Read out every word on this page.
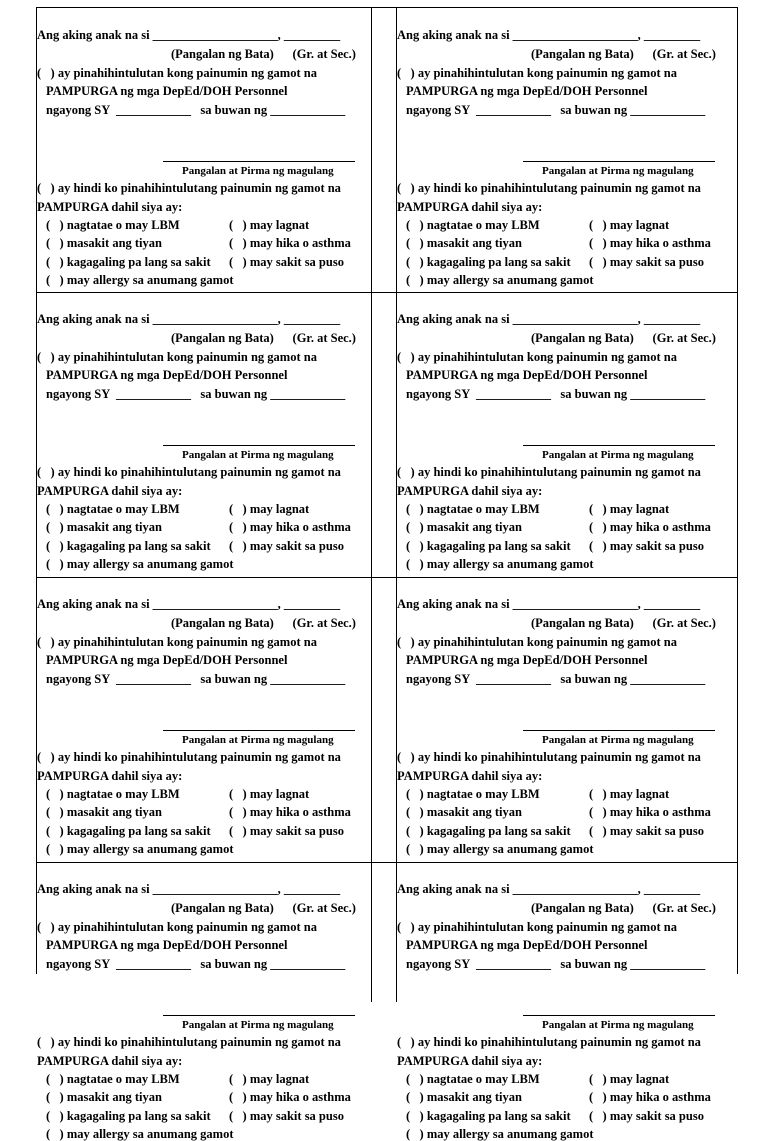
Ang aking anak na si ____________________, _________
(Pangalan ng Bata)      (Gr. at Sec.)
(   ) ay pinahihintulutan kong painumin ng gamot na
PAMPURGA ng mga DepEd/DOH Personnel
ngayong SY  ____________   sa buwan ng ____________
Pangalan at Pirma ng magulang
(   ) ay hindi ko pinahihintulutang painumin ng gamot na
PAMPURGA dahil siya ay:
(   ) nagtatae o may LBM	(   ) may lagnat
(   ) masakit ang tiyan	(   ) may hika o asthma
(   ) kagagaling pa lang sa sakit (   ) may sakit sa puso
(   ) may allergy sa anumang gamot
Ang aking anak na si ____________________, _________
(Pangalan ng Bata)      (Gr. at Sec.)
(   ) ay pinahihintulutan kong painumin ng gamot na
PAMPURGA ng mga DepEd/DOH Personnel
ngayong SY  ____________   sa buwan ng ____________
Pangalan at Pirma ng magulang
(   ) ay hindi ko pinahihintulutang painumin ng gamot na
PAMPURGA dahil siya ay:
(   ) nagtatae o may LBM	(   ) may lagnat
(   ) masakit ang tiyan	(   ) may hika o asthma
(   ) kagagaling pa lang sa sakit (   ) may sakit sa puso
(   ) may allergy sa anumang gamot
Ang aking anak na si ____________________, _________
(Pangalan ng Bata)      (Gr. at Sec.)
(   ) ay pinahihintulutan kong painumin ng gamot na
PAMPURGA ng mga DepEd/DOH Personnel
ngayong SY  ____________   sa buwan ng ____________
Pangalan at Pirma ng magulang
(   ) ay hindi ko pinahihintulutang painumin ng gamot na
PAMPURGA dahil siya ay:
(   ) nagtatae o may LBM	(   ) may lagnat
(   ) masakit ang tiyan	(   ) may hika o asthma
(   ) kagagaling pa lang sa sakit (   ) may sakit sa puso
(   ) may allergy sa anumang gamot
Ang aking anak na si ____________________, _________
(Pangalan ng Bata)      (Gr. at Sec.)
(   ) ay pinahihintulutan kong painumin ng gamot na
PAMPURGA ng mga DepEd/DOH Personnel
ngayong SY  ____________   sa buwan ng ____________
Pangalan at Pirma ng magulang
(   ) ay hindi ko pinahihintulutang painumin ng gamot na
PAMPURGA dahil siya ay:
(   ) nagtatae o may LBM	(   ) may lagnat
(   ) masakit ang tiyan	(   ) may hika o asthma
(   ) kagagaling pa lang sa sakit (   ) may sakit sa puso
(   ) may allergy sa anumang gamot
Ang aking anak na si ____________________, _________
(Pangalan ng Bata)      (Gr. at Sec.)
(   ) ay pinahihintulutan kong painumin ng gamot na
PAMPURGA ng mga DepEd/DOH Personnel
ngayong SY  ____________   sa buwan ng ____________
Pangalan at Pirma ng magulang
(   ) ay hindi ko pinahihintulutang painumin ng gamot na
PAMPURGA dahil siya ay:
(   ) nagtatae o may LBM	(   ) may lagnat
(   ) masakit ang tiyan	(   ) may hika o asthma
(   ) kagagaling pa lang sa sakit (   ) may sakit sa puso
(   ) may allergy sa anumang gamot
Ang aking anak na si ____________________, _________
(Pangalan ng Bata)      (Gr. at Sec.)
(   ) ay pinahihintulutan kong painumin ng gamot na
PAMPURGA ng mga DepEd/DOH Personnel
ngayong SY  ____________   sa buwan ng ____________
Pangalan at Pirma ng magulang
(   ) ay hindi ko pinahihintulutang painumin ng gamot na
PAMPURGA dahil siya ay:
(   ) nagtatae o may LBM	(   ) may lagnat
(   ) masakit ang tiyan	(   ) may hika o asthma
(   ) kagagaling pa lang sa sakit (   ) may sakit sa puso
(   ) may allergy sa anumang gamot
Ang aking anak na si ____________________, _________
(Pangalan ng Bata)      (Gr. at Sec.)
(   ) ay pinahihintulutan kong painumin ng gamot na
PAMPURGA ng mga DepEd/DOH Personnel
ngayong SY  ____________   sa buwan ng ____________
Pangalan at Pirma ng magulang
(   ) ay hindi ko pinahihintulutang painumin ng gamot na
PAMPURGA dahil siya ay:
(   ) nagtatae o may LBM	(   ) may lagnat
(   ) masakit ang tiyan	(   ) may hika o asthma
(   ) kagagaling pa lang sa sakit (   ) may sakit sa puso
(   ) may allergy sa anumang gamot
Ang aking anak na si ____________________, _________
(Pangalan ng Bata)      (Gr. at Sec.)
(   ) ay pinahihintulutan kong painumin ng gamot na
PAMPURGA ng mga DepEd/DOH Personnel
ngayong SY  ____________   sa buwan ng ____________
Pangalan at Pirma ng magulang
(   ) ay hindi ko pinahihintulutang painumin ng gamot na
PAMPURGA dahil siya ay:
(   ) nagtatae o may LBM	(   ) may lagnat
(   ) masakit ang tiyan	(   ) may hika o asthma
(   ) kagagaling pa lang sa sakit (   ) may sakit sa puso
(   ) may allergy sa anumang gamot
